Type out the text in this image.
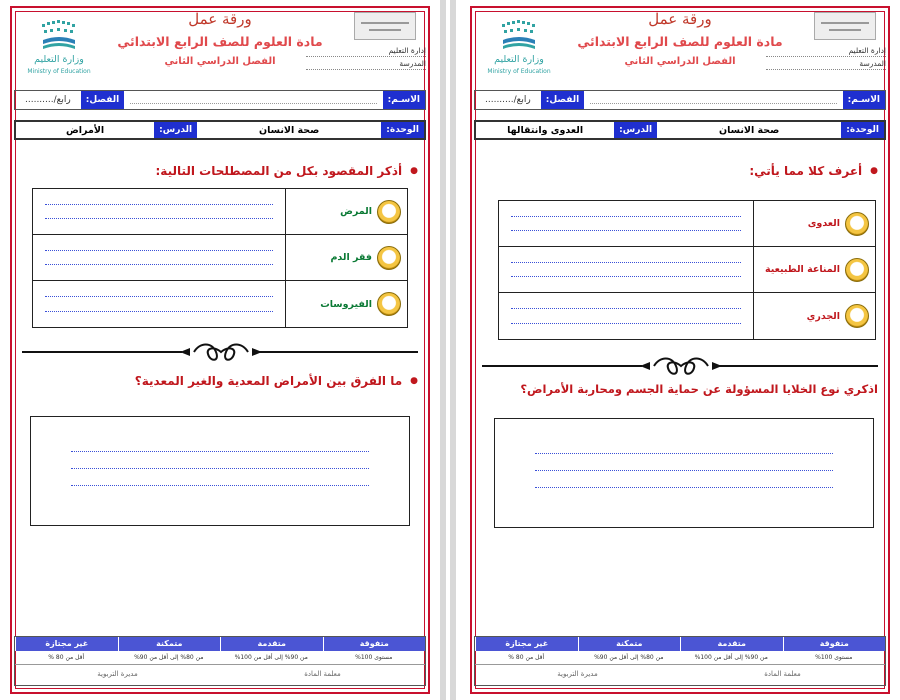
وزارة التعليم
Ministry of Education
ورقة عمل
مادة العلوم للصف الرابع الابتدائي
الفصل الدراسي الثاني
إدارة التعليم
المدرسة
الاسـم:
الفصل:
رابع/..........
الوحدة:
صحة الانسان
الدرس:
الأمراض
●
أذكر المقصود بكل من المصطلحات التالية:
المرض
فقر الدم
الفيروسات
●
ما الفرق بين الأمراض المعدية والغير المعدية؟
متفوقة
متقدمة
متمكنة
غير مجتازة
مستوى 100%
من 90% إلى أقل من 100%
من 80% إلى أقل من 90%
أقل من 80 %
معلمة المادة
مديرة التربوية
وزارة التعليم
Ministry of Education
ورقة عمل
مادة العلوم للصف الرابع الابتدائي
الفصل الدراسي الثاني
إدارة التعليم
المدرسة
الاسـم:
الفصل:
رابع/..........
الوحدة:
صحة الانسان
الدرس:
العدوى وانتقالها
●
أعرف كلا مما يأتي:
العدوى
المناعة الطبيعية
الجدري
اذكري نوع الخلايا المسؤولة عن حماية الجسم ومحاربة الأمراض؟
متفوقة
متقدمة
متمكنة
غير مجتازة
مستوى 100%
من 90% إلى أقل من 100%
من 80% إلى أقل من 90%
أقل من 80 %
معلمة المادة
مديرة التربوية
